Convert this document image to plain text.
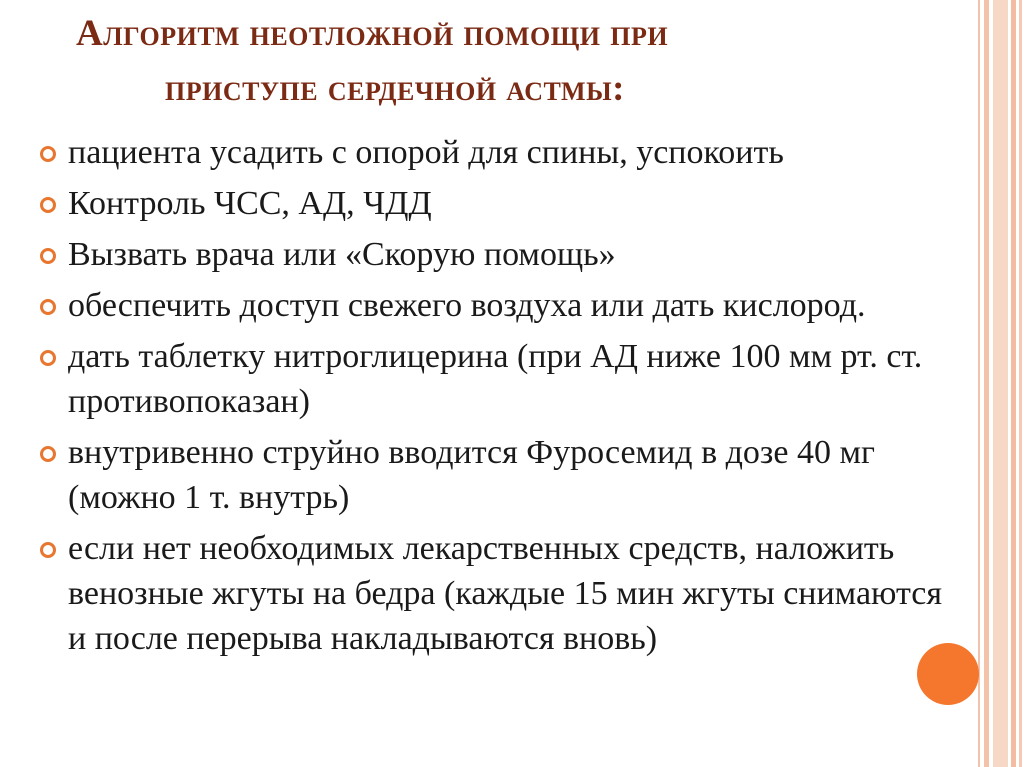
Алгоритм неотложной помощи при
приступе сердечной астмы:
пациента усадить с опорой для спины, успокоить
Контроль ЧСС, АД, ЧДД
Вызвать врача или «Скорую помощь»
обеспечить доступ свежего воздуха или дать кислород.
дать таблетку нитроглицерина (при АД ниже 100 мм рт. ст. противопоказан)
внутривенно струйно вводится Фуросемид в дозе 40 мг (можно 1 т. внутрь)
если нет необходимых лекарственных средств, наложить венозные жгуты на бедра (каждые 15 мин жгуты снимаются и после перерыва накладываются вновь)
